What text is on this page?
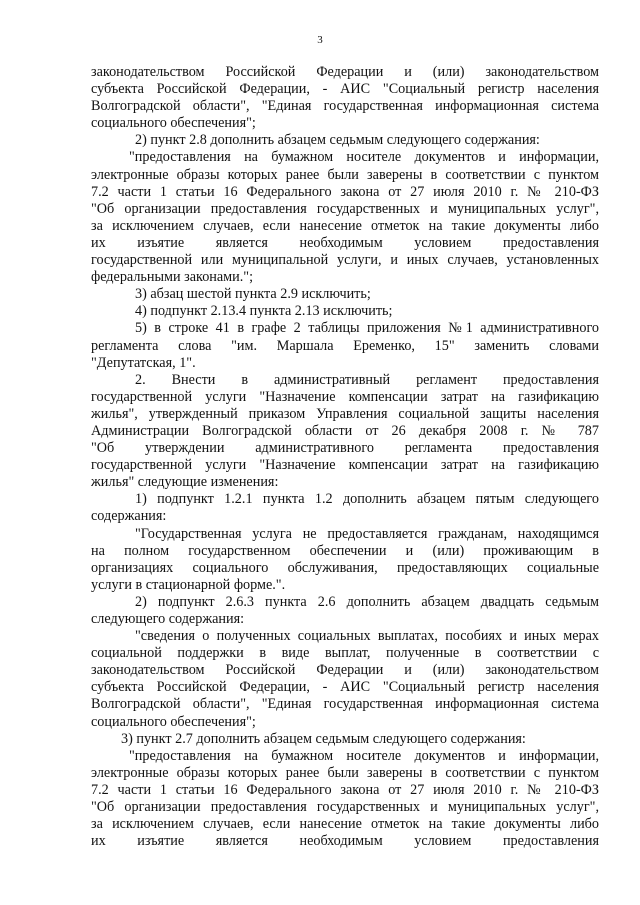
3
законодательством Российской Федерации и (или) законодательством
субъекта Российской Федерации, - АИС "Социальный регистр населения
Волгоградской области", "Единая государственная информационная система
социального обеспечения";
2) пункт 2.8 дополнить абзацем седьмым следующего содержания:
"предоставления на бумажном носителе документов и информации,
электронные образы которых ранее были заверены в соответствии с пунктом
7.2 части 1 статьи 16 Федерального закона от 27 июля 2010 г. № 210-ФЗ
"Об организации предоставления государственных и муниципальных услуг",
за исключением случаев, если нанесение отметок на такие документы либо
их изъятие является необходимым условием предоставления
государственной или муниципальной услуги, и иных случаев, установленных
федеральными законами.";
3) абзац шестой пункта 2.9 исключить;
4) подпункт 2.13.4 пункта 2.13 исключить;
5) в строке 41 в графе 2 таблицы приложения №1 административного
регламента слова "им. Маршала Еременко, 15" заменить словами
"Депутатская, 1".
2. Внести в административный регламент предоставления
государственной услуги "Назначение компенсации затрат на газификацию
жилья", утвержденный приказом Управления социальной защиты населения
Администрации Волгоградской области от 26 декабря 2008 г. № 787
"Об утверждении административного регламента предоставления
государственной услуги "Назначение компенсации затрат на газификацию
жилья" следующие изменения:
1) подпункт 1.2.1 пункта 1.2 дополнить абзацем пятым следующего
содержания:
"Государственная услуга не предоставляется гражданам, находящимся
на полном государственном обеспечении и (или) проживающим в
организациях социального обслуживания, предоставляющих социальные
услуги в стационарной форме.".
2) подпункт 2.6.3 пункта 2.6 дополнить абзацем двадцать седьмым
следующего содержания:
"сведения о полученных социальных выплатах, пособиях и иных мерах
социальной поддержки в виде выплат, полученные в соответствии с
законодательством Российской Федерации и (или) законодательством
субъекта Российской Федерации, - АИС "Социальный регистр населения
Волгоградской области", "Единая государственная информационная система
социального обеспечения";
3) пункт 2.7 дополнить абзацем седьмым следующего содержания:
"предоставления на бумажном носителе документов и информации,
электронные образы которых ранее были заверены в соответствии с пунктом
7.2 части 1 статьи 16 Федерального закона от 27 июля 2010 г. № 210-ФЗ
"Об организации предоставления государственных и муниципальных услуг",
за исключением случаев, если нанесение отметок на такие документы либо
их изъятие является необходимым условием предоставления
